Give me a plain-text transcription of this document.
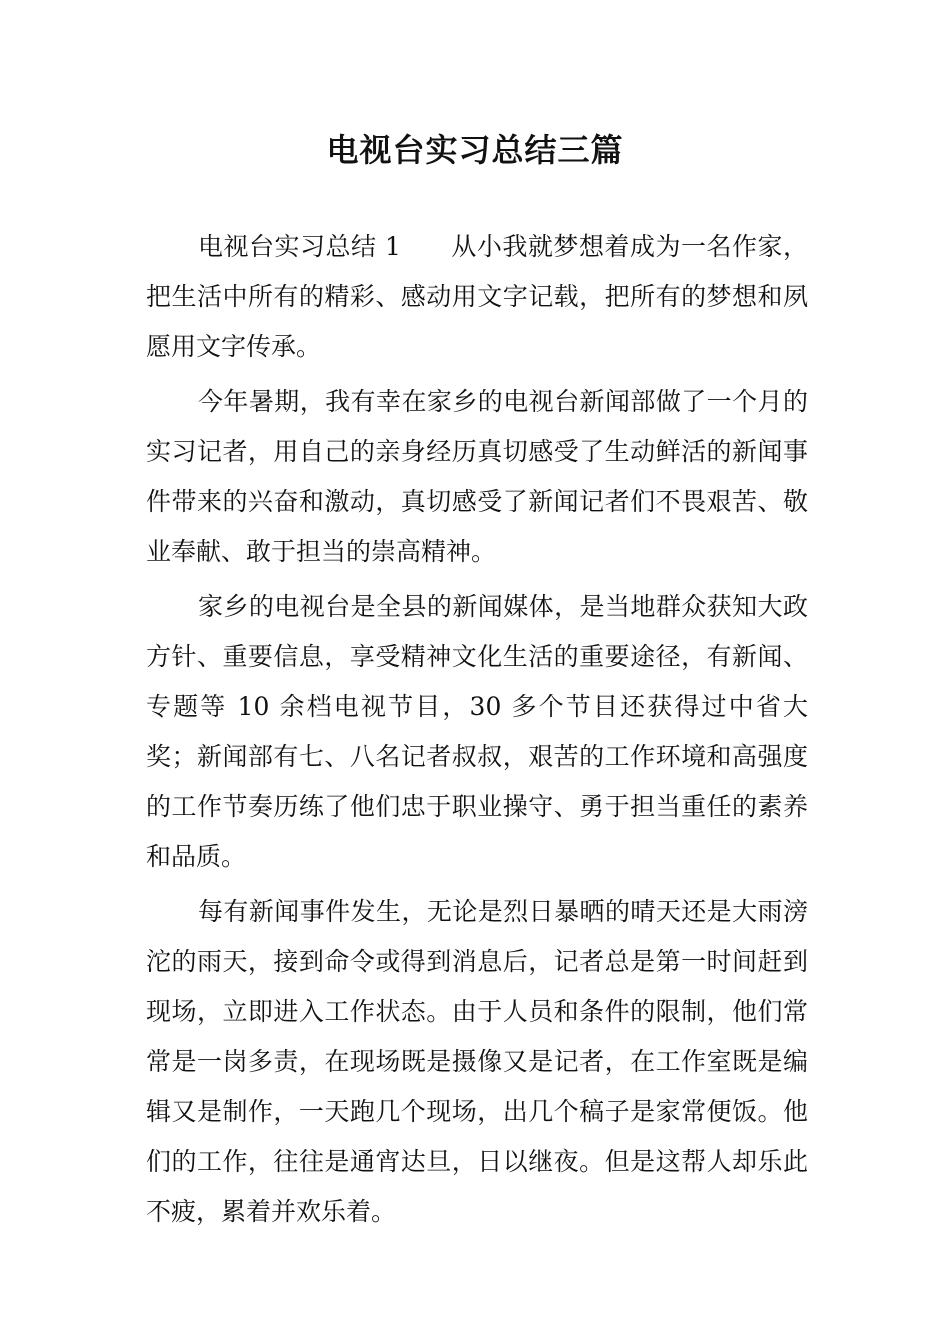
电视台实习总结三篇

电视台实习总结 1 从小我就梦想着成为一名作家，把生活中所有的精彩、感动用文字记载，把所有的梦想和夙愿用文字传承。

今年暑期，我有幸在家乡的电视台新闻部做了一个月的实习记者，用自己的亲身经历真切感受了生动鲜活的新闻事件带来的兴奋和激动，真切感受了新闻记者们不畏艰苦、敬业奉献、敢于担当的崇高精神。

家乡的电视台是全县的新闻媒体，是当地群众获知大政方针、重要信息，享受精神文化生活的重要途径，有新闻、专题等 10 余档电视节目，30 多个节目还获得过中省大奖；新闻部有七、八名记者叔叔，艰苦的工作环境和高强度的工作节奏历练了他们忠于职业操守、勇于担当重任的素养和品质。

每有新闻事件发生，无论是烈日暴晒的晴天还是大雨滂沱的雨天，接到命令或得到消息后，记者总是第一时间赶到现场，立即进入工作状态。由于人员和条件的限制，他们常常是一岗多责，在现场既是摄像又是记者，在工作室既是编辑又是制作，一天跑几个现场，出几个稿子是家常便饭。他们的工作，往往是通宵达旦，日以继夜。但是这帮人却乐此不疲，累着并欢乐着。
